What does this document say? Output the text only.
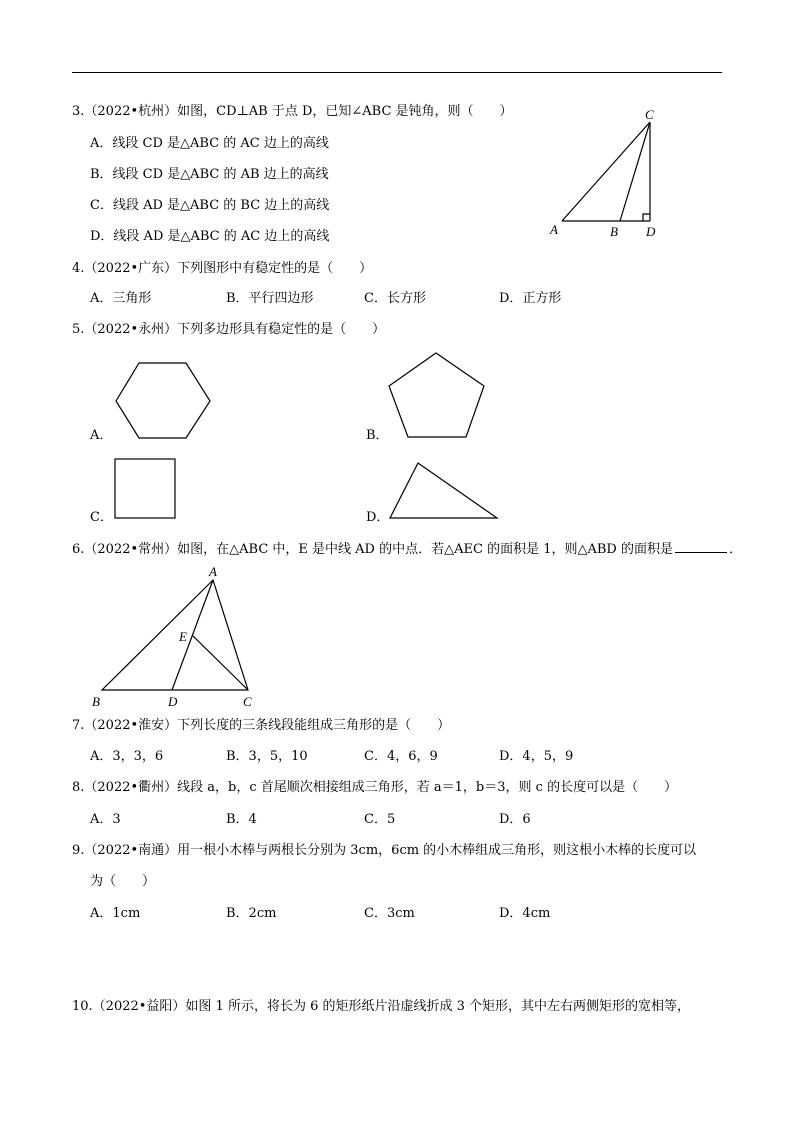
3.（2022•杭州）如图，CD⊥AB 于点 D，已知∠ABC 是钝角，则（　　）
A．线段 CD 是△ABC 的 AC 边上的高线
B．线段 CD 是△ABC 的 AB 边上的高线
C．线段 AD 是△ABC 的 BC 边上的高线
D．线段 AD 是△ABC 的 AC 边上的高线
C
A	B D
4.（2022•广东）下列图形中有稳定性的是（　　）
A．三角形	B．平行四边形	C．长方形	D．正方形
5.（2022•永州）下列多边形具有稳定性的是（　　）
A．	B．
C．	D．
6.（2022•常州）如图，在△ABC 中，E 是中线 AD 的中点．若△AEC 的面积是 1，则△ABD 的面积是	．
A
E
B	D	C
7.（2022•淮安）下列长度的三条线段能组成三角形的是（　　）
A．3，3，6	B．3，5，10	C．4，6，9	D．4，5，9
8.（2022•衢州）线段 a，b，c 首尾顺次相接组成三角形，若 a＝1，b＝3，则 c 的长度可以是（　　）
A．3	B．4	C．5	D．6
9.（2022•南通）用一根小木棒与两根长分别为 3cm，6cm 的小木棒组成三角形，则这根小木棒的长度可以
为（　　）
A．1cm	B．2cm	C．3cm	D．4cm
10.（2022•益阳）如图 1 所示，将长为 6 的矩形纸片沿虚线折成 3 个矩形，其中左右两侧矩形的宽相等，
